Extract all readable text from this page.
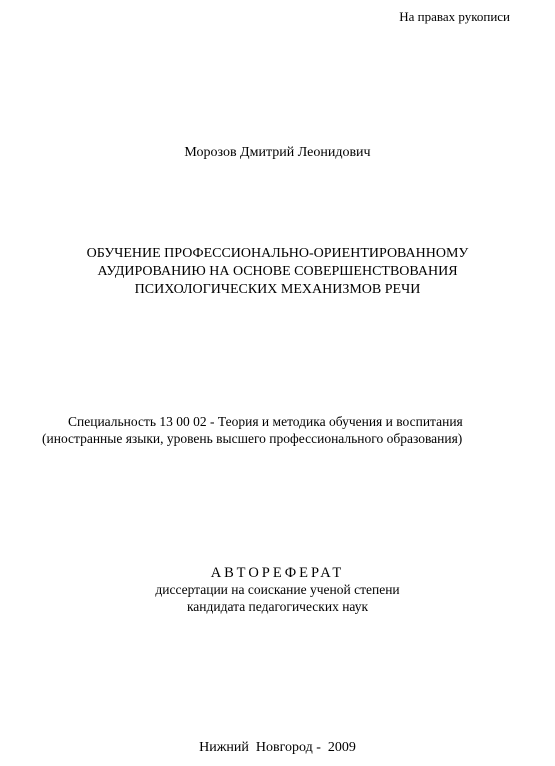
На правах рукописи
Морозов Дмитрий Леонидович
ОБУЧЕНИЕ ПРОФЕССИОНАЛЬНО-ОРИЕНТИРОВАННОМУ
АУДИРОВАНИЮ НА ОСНОВЕ СОВЕРШЕНСТВОВАНИЯ
ПСИХОЛОГИЧЕСКИХ МЕХАНИЗМОВ РЕЧИ
Специальность 13 00 02 - Теория и методика обучения и воспитания
(иностранные языки, уровень высшего профессионального образования)
АВТОРЕФЕРАТ
диссертации на соискание ученой степени
кандидата педагогических наук
Нижний  Новгород -  2009
